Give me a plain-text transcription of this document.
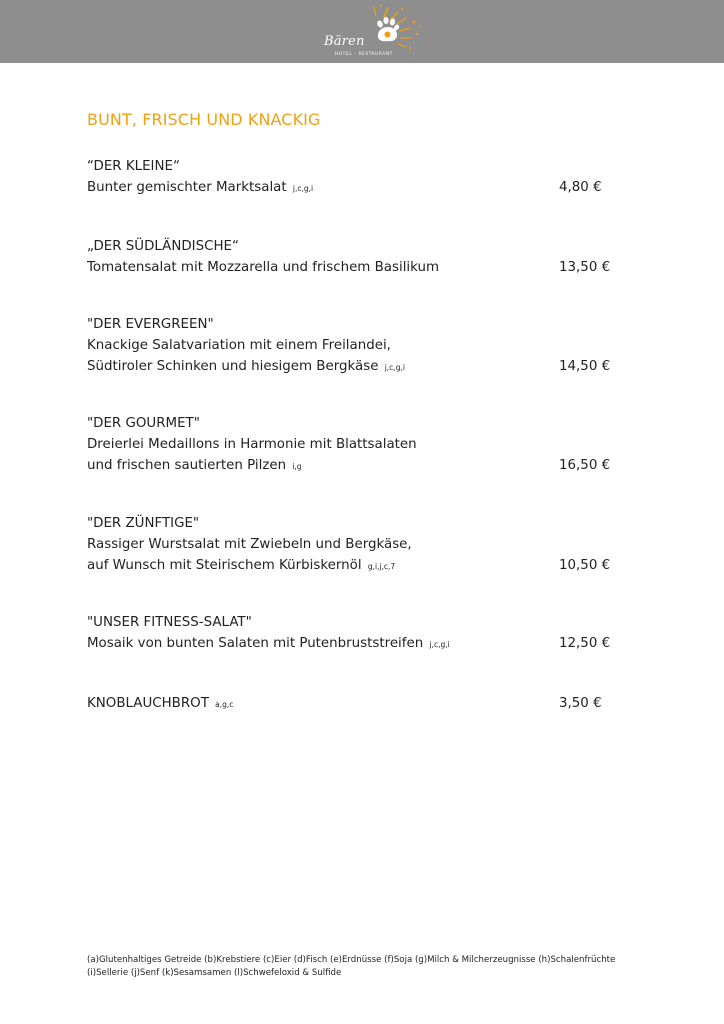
Bären
HOTEL · RESTAURANT
BUNT, FRISCH UND KNACKIG
“DER KLEINE“
Bunter gemischter Marktsalat j,c,g,i	4,80 €
„DER SÜDLÄNDISCHE“
Tomatensalat mit Mozzarella und frischem Basilikum	13,50 €
"DER EVERGREEN"
Knackige Salatvariation mit einem Freilandei,
Südtiroler Schinken und hiesigem Bergkäse j,c,g,i	14,50 €
"DER GOURMET"
Dreierlei Medaillons in Harmonie mit Blattsalaten
und frischen sautierten Pilzen i,g	16,50 €
"DER ZÜNFTIGE"
Rassiger Wurstsalat mit Zwiebeln und Bergkäse,
auf Wunsch mit Steirischem Kürbiskernöl g,i,j,c,7	10,50 €
"UNSER FITNESS-SALAT"
Mosaik von bunten Salaten mit Putenbruststreifen j,c,g,i	12,50 €
KNOBLAUCHBROT a,g,c	3,50 €
(a)Glutenhaltiges Getreide (b)Krebstiere (c)Eier (d)Fisch (e)Erdnüsse (f)Soja (g)Milch & Milcherzeugnisse (h)Schalenfrüchte
(i)Sellerie (j)Senf (k)Sesamsamen (l)Schwefeloxid & Sulfide
